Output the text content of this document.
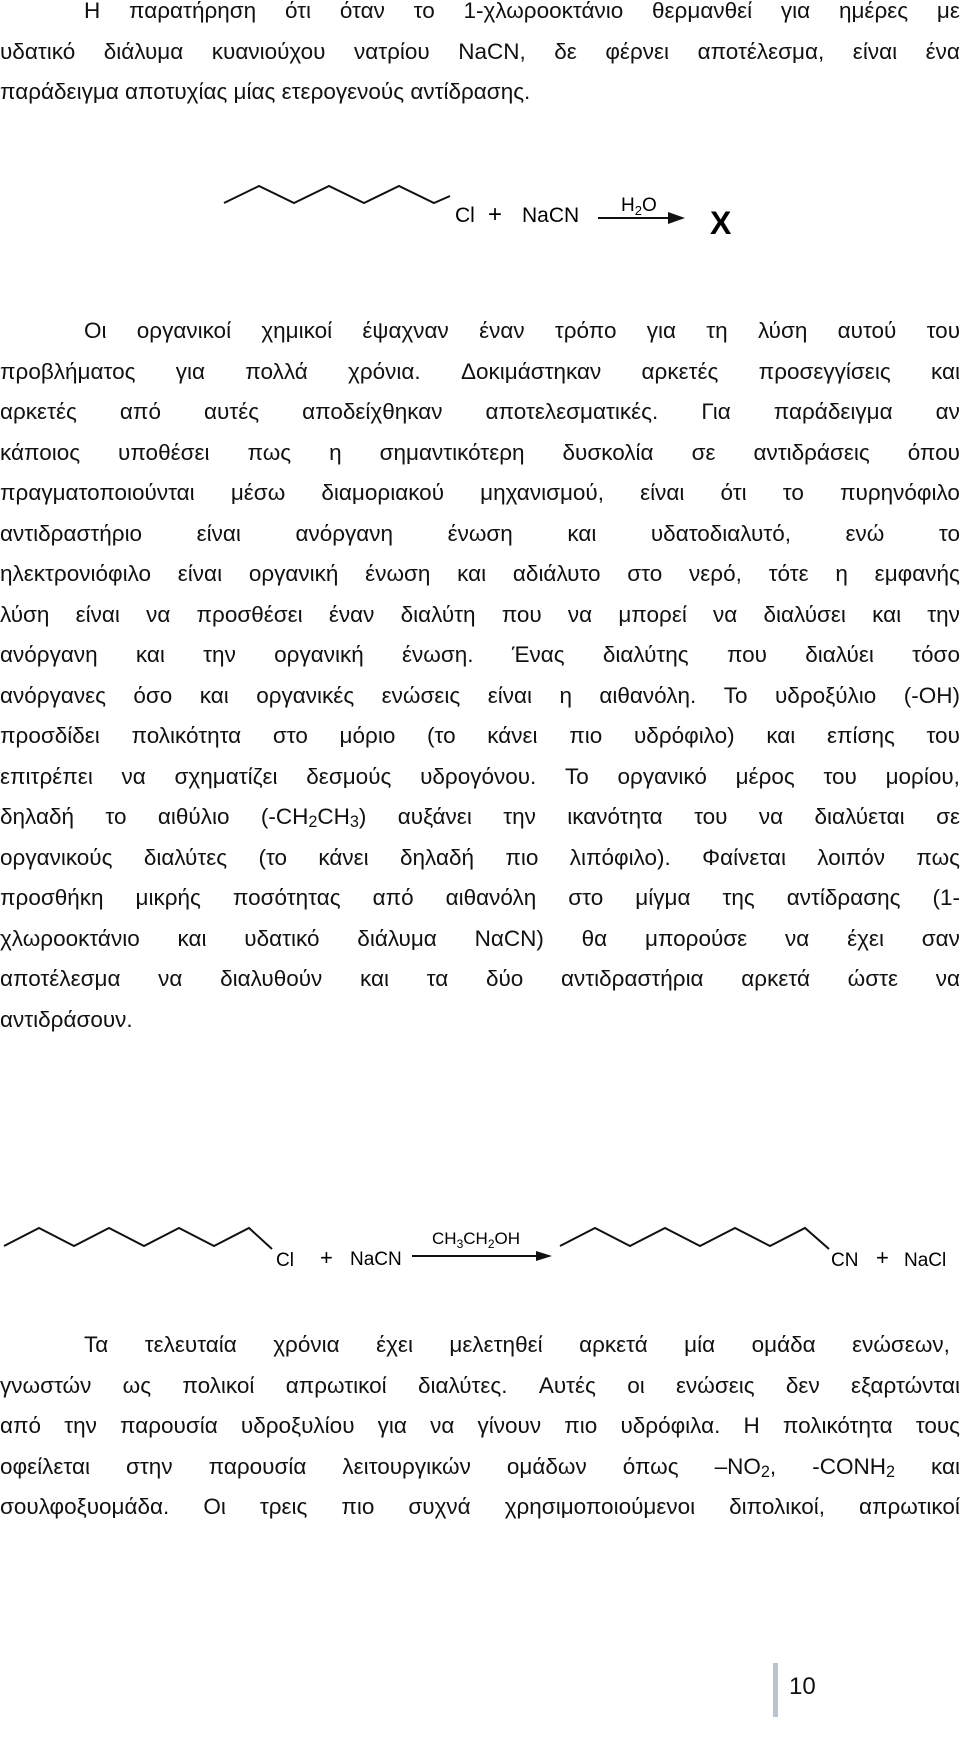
Η παρατήρηση ότι όταν το 1-χλωροοκτάνιο θερμανθεί για ημέρες με
υδατικό διάλυμα κυανιούχου νατρίου NaCN, δε φέρνει αποτέλεσμα, είναι ένα
παράδειγμα αποτυχίας μίας ετερογενούς αντίδρασης.
Cl + NaCN $H_2O$ X
Οι οργανικοί χημικοί έψαχναν έναν τρόπο για τη λύση αυτού του
προβλήματος για πολλά χρόνια. Δοκιμάστηκαν αρκετές προσεγγίσεις και
αρκετές από αυτές αποδείχθηκαν αποτελεσματικές. Για παράδειγμα αν
κάποιος υποθέσει πως η σημαντικότερη δυσκολία σε αντιδράσεις όπου
πραγματοποιούνται μέσω διαμοριακού μηχανισμού, είναι ότι το πυρηνόφιλο
αντιδραστήριο είναι ανόργανη ένωση και υδατοδιαλυτό, ενώ το
ηλεκτρονιόφιλο είναι οργανική ένωση και αδιάλυτο στο νερό, τότε η εμφανής
λύση είναι να προσθέσει έναν διαλύτη που να μπορεί να διαλύσει και την
ανόργανη και την οργανική ένωση. Ένας διαλύτης που διαλύει τόσο
ανόργανες όσο και οργανικές ενώσεις είναι η αιθανόλη. Το υδροξύλιο (-OH)
προσδίδει πολικότητα στο μόριο (το κάνει πιο υδρόφιλο) και επίσης του
επιτρέπει να σχηματίζει δεσμούς υδρογόνου. Το οργανικό μέρος του μορίου,
δηλαδή το αιθύλιο $(-CH_2CH_3)$ αυξάνει την ικανότητα του να διαλύεται σε
οργανικούς διαλύτες (το κάνει δηλαδή πιο λιπόφιλο). Φαίνεται λοιπόν πως
προσθήκη μικρής ποσότητας από αιθανόλη στο μίγμα της αντίδρασης (1-
χλωροοκτάνιο και υδατικό διάλυμα NαCN) θα μπορούσε να έχει σαν
αποτέλεσμα να διαλυθούν και τα δύο αντιδραστήρια αρκετά ώστε να
αντιδράσουν.
Cl + NaCN
$CH_3CH_2OH$
CN + NaCl
Τα τελευταία χρόνια έχει μελετηθεί αρκετά μία ομάδα ενώσεων,
γνωστών ως πολικοί απρωτικοί διαλύτες. Αυτές οι ενώσεις δεν εξαρτώνται
από την παρουσία υδροξυλίου για να γίνουν πιο υδρόφιλα. Η πολικότητα τους
οφείλεται στην παρουσία λειτουργικών ομάδων όπως $-NO_2$, $-CONH_2$ και
σουλφοξυομάδα. Οι τρεις πιο συχνά χρησιμοποιούμενοι διπολικοί, απρωτικοί
10
